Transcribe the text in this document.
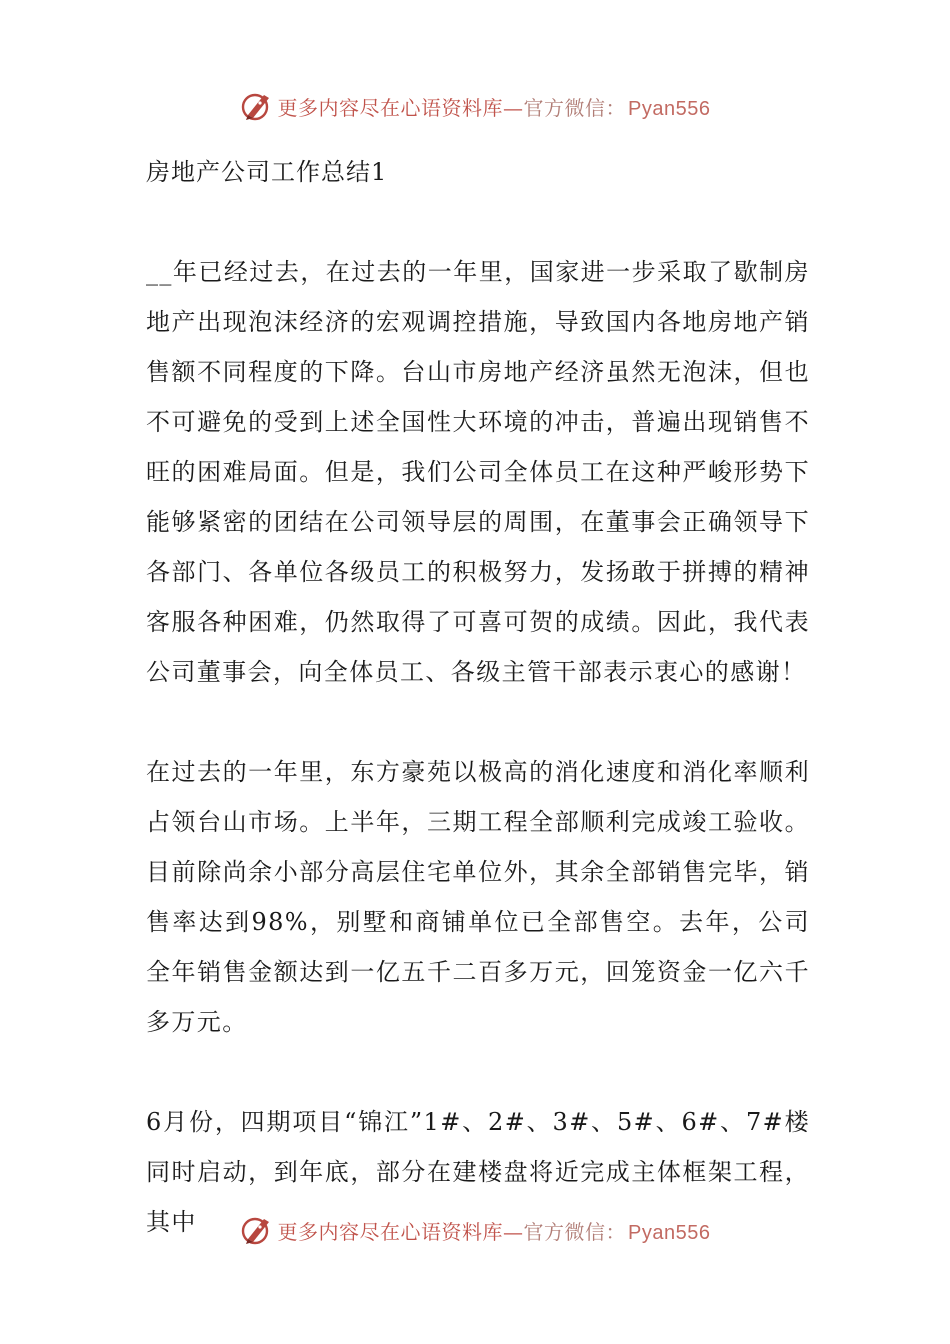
更多内容尽在心语资料库—官方微信： Pyan556
房地产公司工作总结1

__年已经过去，在过去的一年里，国家进一步采取了歇制房地产出现泡沫经济的宏观调控措施，导致国内各地房地产销售额不同程度的下降。台山市房地产经济虽然无泡沫，但也不可避免的受到上述全国性大环境的冲击，普遍出现销售不旺的困难局面。但是，我们公司全体员工在这种严峻形势下能够紧密的团结在公司领导层的周围，在董事会正确领导下各部门、各单位各级员工的积极努力，发扬敢于拼搏的精神客服各种困难，仍然取得了可喜可贺的成绩。因此，我代表公司董事会，向全体员工、各级主管干部表示衷心的感谢！

在过去的一年里，东方豪苑以极高的消化速度和消化率顺利占领台山市场。上半年，三期工程全部顺利完成竣工验收。目前除尚余小部分高层住宅单位外，其余全部销售完毕，销售率达到98%，别墅和商铺单位已全部售空。去年，公司全年销售金额达到一亿五千二百多万元，回笼资金一亿六千多万元。

6月份，四期项目“锦江”1#、2#、3#、5#、6#、7#楼同时启动，到年底，部分在建楼盘将近完成主体框架工程，其中	更多内容尽在心语资料库—官方微信： Pyan556
